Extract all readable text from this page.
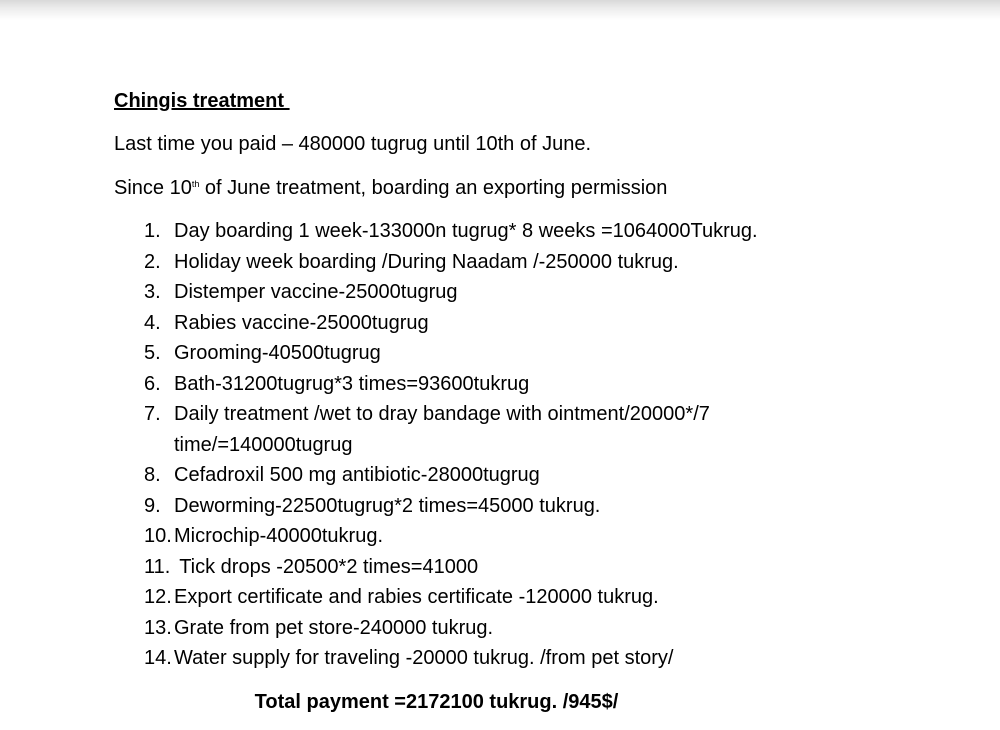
Chingis treatment

Last time you paid – 480000 tugrug until 10th of June.

Since 10th of June treatment, boarding an exporting permission

1. Day boarding 1 week-133000n tugrug* 8 weeks =1064000Tukrug.
2. Holiday week boarding /During Naadam /-250000 tukrug.
3. Distemper vaccine-25000tugrug
4. Rabies vaccine-25000tugrug
5. Grooming-40500tugrug
6. Bath-31200tugrug*3 times=93600tukrug
7. Daily treatment /wet to dray bandage with ointment/20000*/7 time/=140000tugrug
8. Cefadroxil 500 mg antibiotic-28000tugrug
9. Deworming-22500tugrug*2 times=45000 tukrug.
10. Microchip-40000tukrug.
11. Tick drops -20500*2 times=41000
12. Export certificate and rabies certificate -120000 tukrug.
13. Grate from pet store-240000 tukrug.
14. Water supply for traveling -20000 tukrug. /from pet story/
Total payment =2172100 tukrug. /945$/
